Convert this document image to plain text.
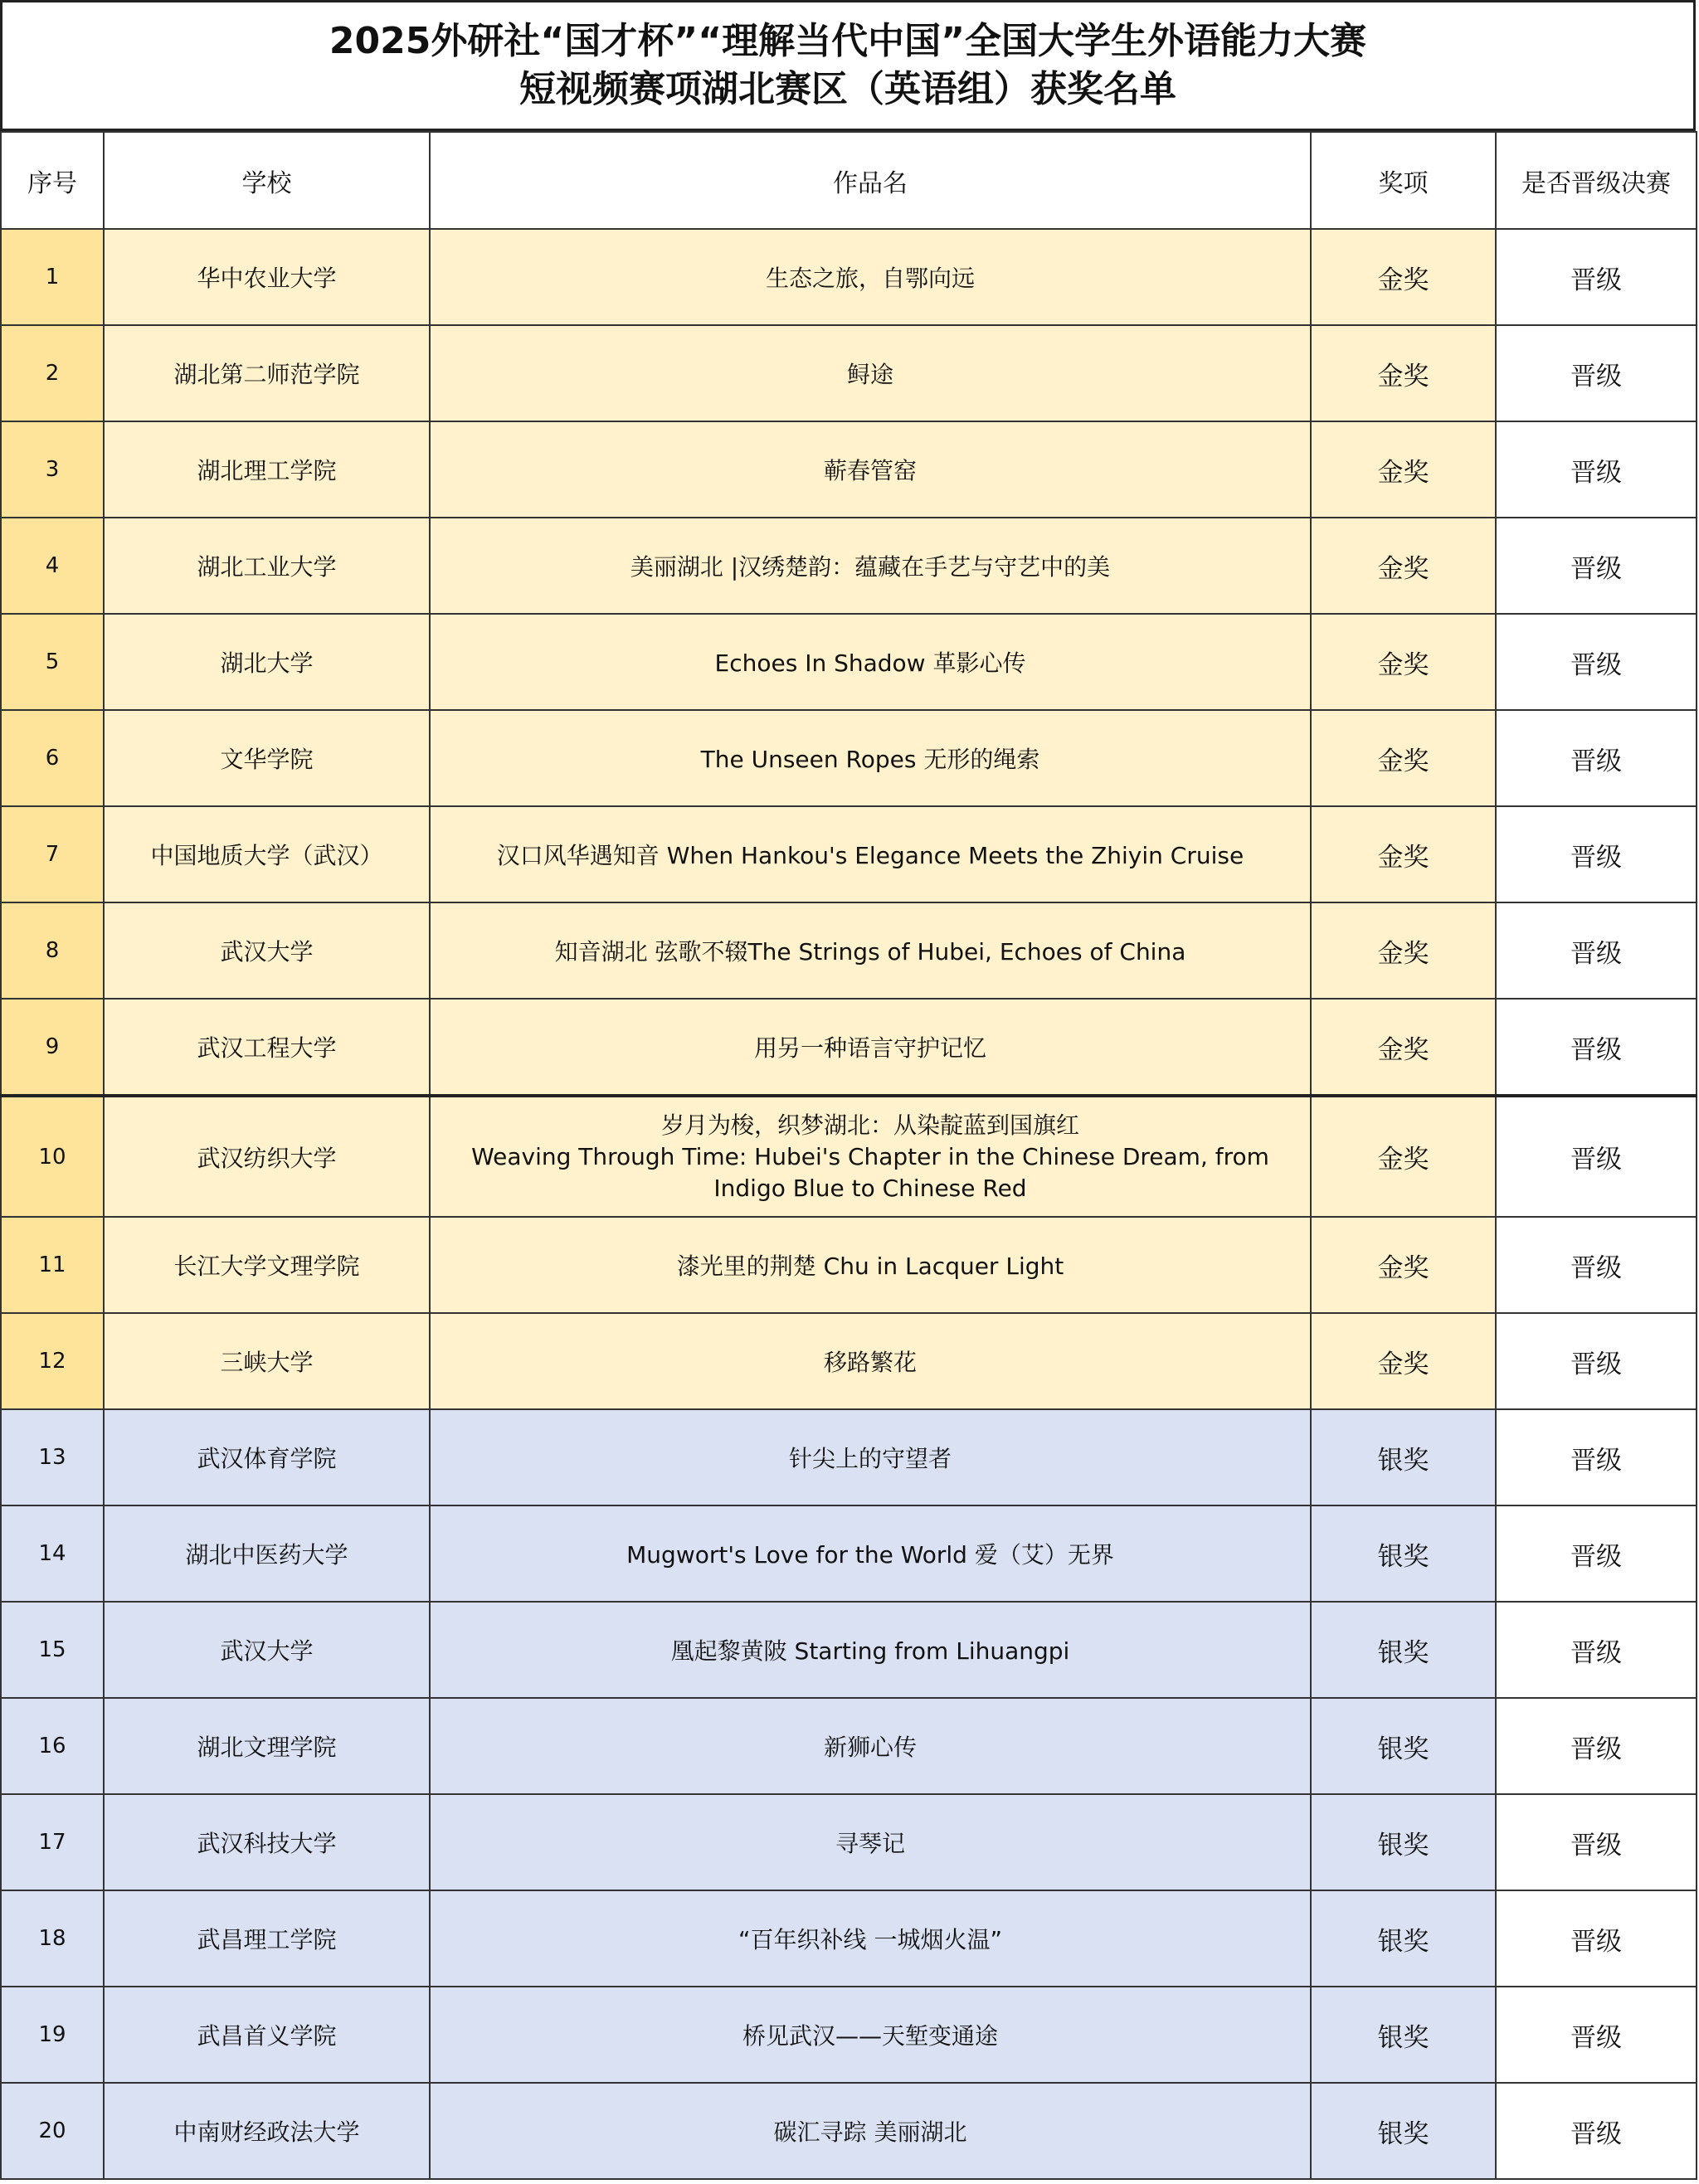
2025外研社“国才杯”“理解当代中国”全国大学生外语能力大赛
短视频赛项湖北赛区（英语组）获奖名单
序号	学校	作品名	奖项	是否晋级决赛
1	华中农业大学	生态之旅，自鄂向远	金奖	晋级
2	湖北第二师范学院	鲟途	金奖	晋级
3	湖北理工学院	蕲春管窑	金奖	晋级
4	湖北工业大学	美丽湖北 |汉绣楚韵：蕴藏在手艺与守艺中的美	金奖	晋级
5	湖北大学	Echoes In Shadow 革影心传	金奖	晋级
6	文华学院	The Unseen Ropes 无形的绳索	金奖	晋级
7	中国地质大学（武汉）	汉口风华遇知音 When Hankou's Elegance Meets the Zhiyin Cruise	金奖	晋级
8	武汉大学	知音湖北 弦歌不辍The Strings of Hubei, Echoes of China	金奖	晋级
9	武汉工程大学	用另一种语言守护记忆	金奖	晋级
10	武汉纺织大学	岁月为梭，织梦湖北：从染靛蓝到国旗红
Weaving Through Time: Hubei's Chapter in the Chinese Dream, from
Indigo Blue to Chinese Red	金奖	晋级
11	长江大学文理学院	漆光里的荆楚 Chu in Lacquer Light	金奖	晋级
12	三峡大学	移路繁花	金奖	晋级
13	武汉体育学院	针尖上的守望者	银奖	晋级
14	湖北中医药大学	Mugwort's Love for the World 爱（艾）无界	银奖	晋级
15	武汉大学	凰起黎黄陂 Starting from Lihuangpi	银奖	晋级
16	湖北文理学院	新狮心传	银奖	晋级
17	武汉科技大学	寻琴记	银奖	晋级
18	武昌理工学院	“百年织补线 一城烟火温”	银奖	晋级
19	武昌首义学院	桥见武汉——天堑变通途	银奖	晋级
20	中南财经政法大学	碳汇寻踪 美丽湖北	银奖	晋级
